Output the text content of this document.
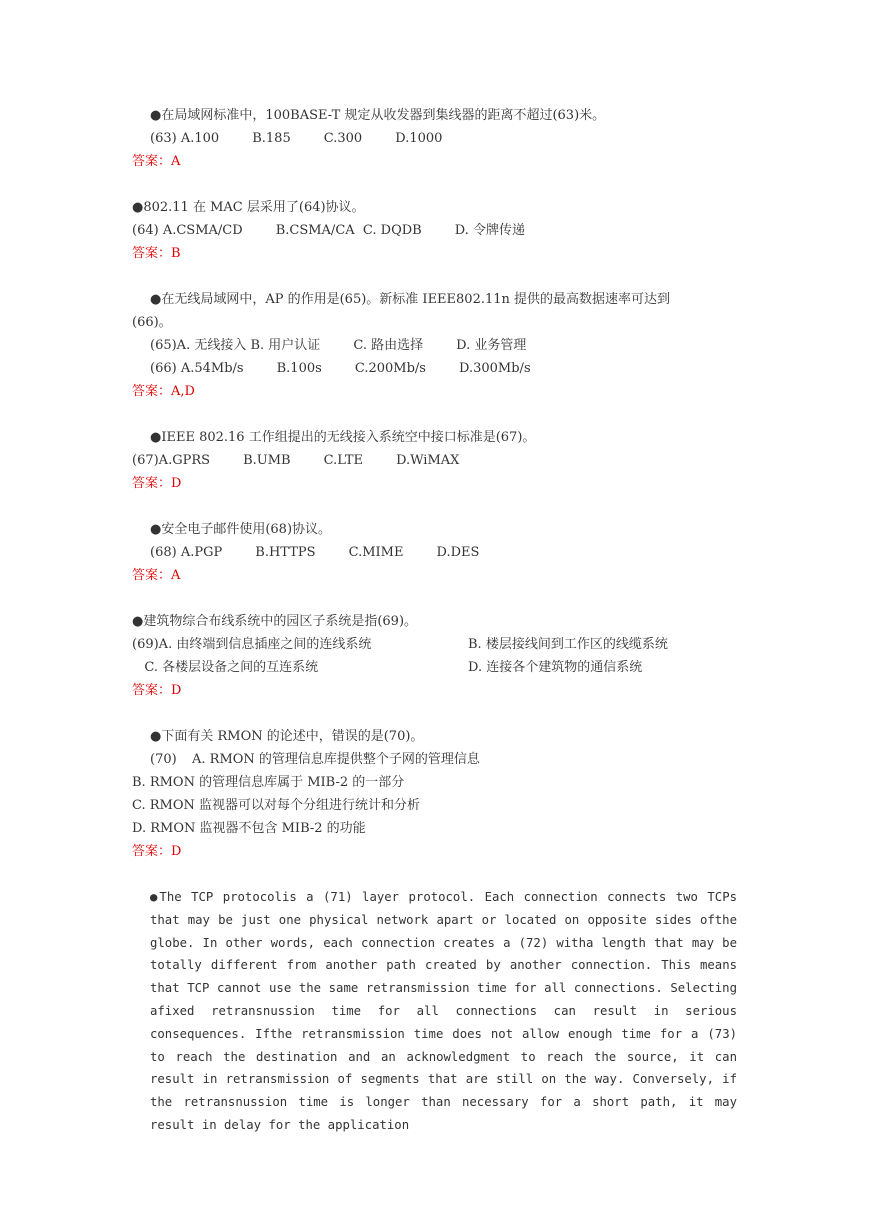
●在局域网标准中，100BASE-T 规定从收发器到集线器的距离不超过(63)米。
(63) A.100        B.185        C.300        D.1000
答案：A
●802.11 在 MAC 层采用了(64)协议。
(64) A.CSMA/CD        B.CSMA/CA  C. DQDB        D. 令牌传递
答案：B
●在无线局域网中，AP 的作用是(65)。新标准 IEEE802.11n 提供的最高数据速率可达到
(66)。
(65)A. 无线接入 B. 用户认证        C. 路由选择        D. 业务管理
(66) A.54Mb/s        B.100s        C.200Mb/s        D.300Mb/s
答案：A,D
●IEEE 802.16 工作组提出的无线接入系统空中接口标准是(67)。
(67)A.GPRS        B.UMB        C.LTE        D.WiMAX
答案：D
●安全电子邮件使用(68)协议。
(68) A.PGP        B.HTTPS        C.MIME        D.DES
答案：A
●建筑物综合布线系统中的园区子系统是指(69)。
(69)A. 由终端到信息插座之间的连线系统	B. 楼层接线间到工作区的线缆系统
C. 各楼层设备之间的互连系统	D. 连接各个建筑物的通信系统
答案：D
●下面有关 RMON 的论述中，错误的是(70)。
(70) A. RMON 的管理信息库提供整个子网的管理信息
B. RMON 的管理信息库属于 MIB-2 的一部分
C. RMON 监视器可以对每个分组进行统计和分析
D. RMON 监视器不包含 MIB-2 的功能
答案：D
●The TCP protocolis a (71) layer protocol. Each connection connects two TCPs that may be just one physical network apart or located on opposite sides ofthe globe. In other words, each connection creates a (72) witha length that may be totally different from another path created by another connection. This means that TCP cannot use the same retransmission time for all connections. Selecting afixed retransnussion time for all connections can result in serious consequences. Ifthe retransmission time does not allow enough time for a (73) to reach the destination and an acknowledgment to reach the source, it can result in retransmission of segments that are still on the way. Conversely, if the retransnussion time is longer than necessary for a short path, it may result in delay for the application
